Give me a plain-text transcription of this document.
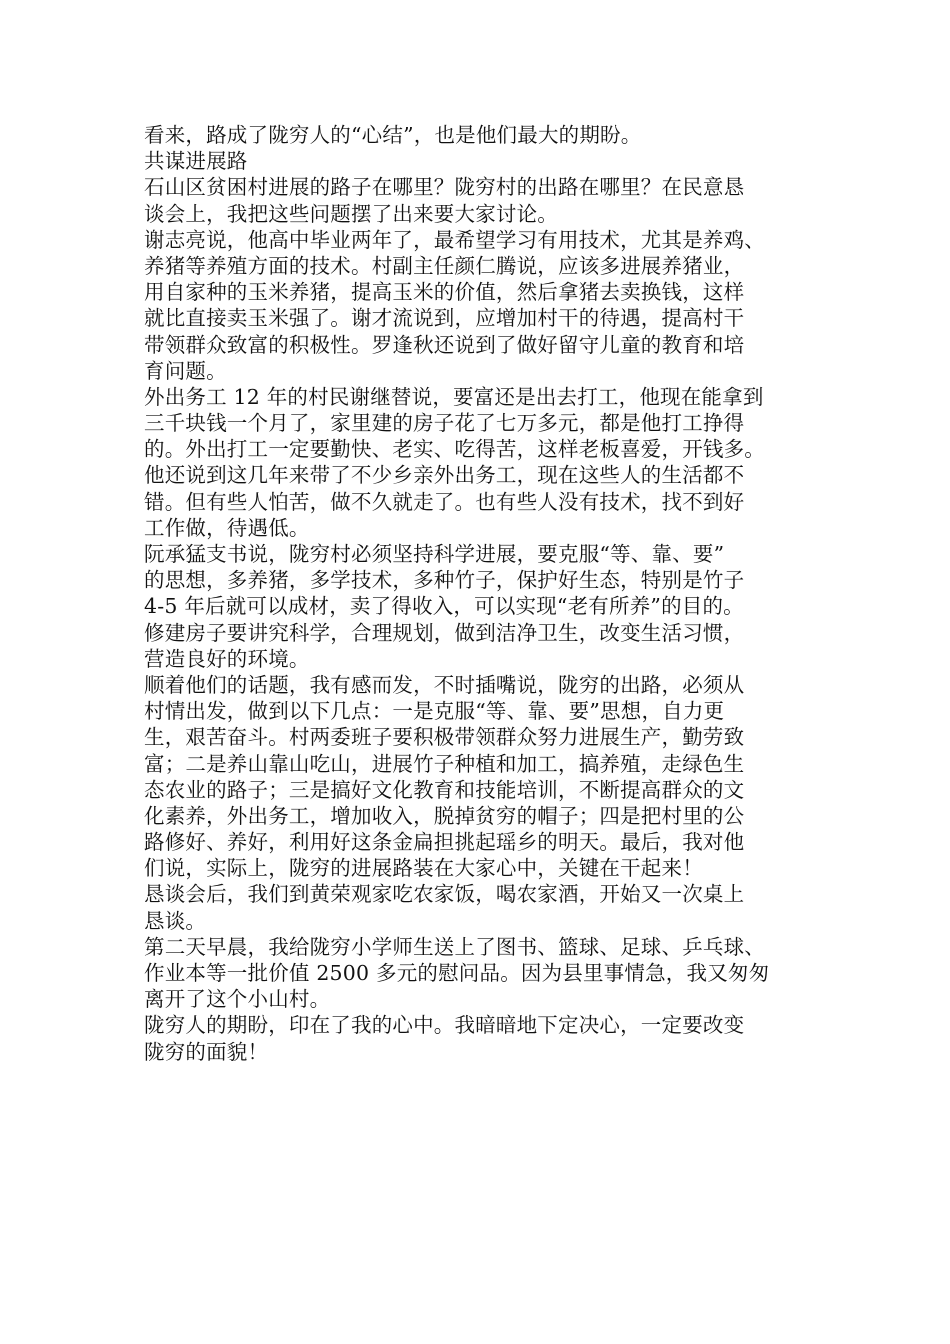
看来，路成了陇穷人的“心结”，也是他们最大的期盼。
共谋进展路
石山区贫困村进展的路子在哪里？陇穷村的出路在哪里？在民意恳
谈会上，我把这些问题摆了出来要大家讨论。
谢志亮说，他高中毕业两年了，最希望学习有用技术，尤其是养鸡、
养猪等养殖方面的技术。村副主任颜仁腾说，应该多进展养猪业，
用自家种的玉米养猪，提高玉米的价值，然后拿猪去卖换钱，这样
就比直接卖玉米强了。谢才流说到，应增加村干的待遇，提高村干
带领群众致富的积极性。罗逢秋还说到了做好留守儿童的教育和培
育问题。
外出务工 12 年的村民谢继替说，要富还是出去打工，他现在能拿到
三千块钱一个月了，家里建的房子花了七万多元，都是他打工挣得
的。外出打工一定要勤快、老实、吃得苦，这样老板喜爱，开钱多。
他还说到这几年来带了不少乡亲外出务工，现在这些人的生活都不
错。但有些人怕苦，做不久就走了。也有些人没有技术，找不到好
工作做，待遇低。
阮承猛支书说，陇穷村必须坚持科学进展，要克服“等、靠、要”
的思想，多养猪，多学技术，多种竹子，保护好生态，特别是竹子
4-5 年后就可以成材，卖了得收入，可以实现“老有所养”的目的。
修建房子要讲究科学，合理规划，做到洁净卫生，改变生活习惯，
营造良好的环境。
顺着他们的话题，我有感而发，不时插嘴说，陇穷的出路，必须从
村情出发，做到以下几点：一是克服“等、靠、要”思想，自力更
生，艰苦奋斗。村两委班子要积极带领群众努力进展生产，勤劳致
富；二是养山靠山吃山，进展竹子种植和加工，搞养殖，走绿色生
态农业的路子；三是搞好文化教育和技能培训，不断提高群众的文
化素养，外出务工，增加收入，脱掉贫穷的帽子；四是把村里的公
路修好、养好，利用好这条金扁担挑起瑶乡的明天。最后，我对他
们说，实际上，陇穷的进展路装在大家心中，关键在干起来！
恳谈会后，我们到黄荣观家吃农家饭，喝农家酒，开始又一次桌上
恳谈。
第二天早晨，我给陇穷小学师生送上了图书、篮球、足球、乒乓球、
作业本等一批价值 2500 多元的慰问品。因为县里事情急，我又匆匆
离开了这个小山村。
陇穷人的期盼，印在了我的心中。我暗暗地下定决心，一定要改变
陇穷的面貌！
